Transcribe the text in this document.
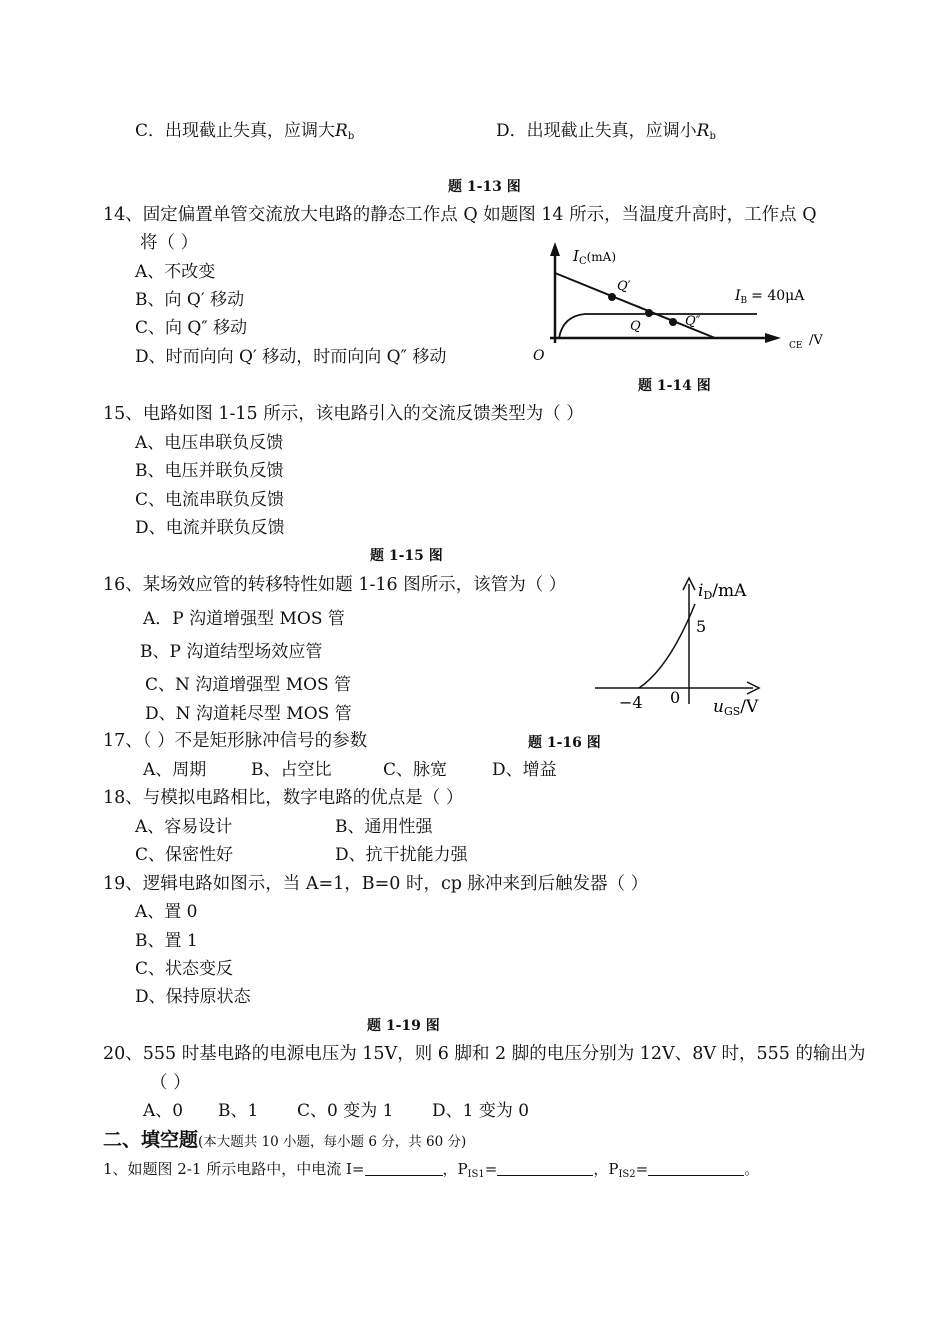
C．出现截止失真，应调大$R_b$	D．出现截止失真，应调小$R_b$
题 1-13 图
14、固定偏置单管交流放大电路的静态工作点 Q 如题图 14 所示，当温度升高时，工作点 Q
将（ ）
A、不改变
B、向 Q′ 移动
C、向 Q″ 移动
D、时而向向 Q′ 移动，时而向向 Q″ 移动
$I_C^{(mA)}$
Q′
Q	Q″
$I_B = 40\mu A$
CE /V
O
题 1-14 图
15、电路如图 1-15 所示，该电路引入的交流反馈类型为（ ）
A、电压串联负反馈
B、电压并联负反馈
C、电流串联负反馈
D、电流并联负反馈
题 1-15 图
16、某场效应管的转移特性如题 1-16 图所示，该管为（ ）
A．P 沟道增强型 MOS 管
B、P 沟道结型场效应管
C、N 沟道增强型 MOS 管
D、N 沟道耗尽型 MOS 管
iD/mA
5
−4 0 uGS/V
17、（ ）不是矩形脉冲信号的参数	题 1-16 图
A、周期	B、占空比	C、脉宽	D、增益
18、与模拟电路相比，数字电路的优点是（ ）
A、容易设计	B、通用性强
C、保密性好	D、抗干扰能力强
19、逻辑电路如图示，当 A=1，B=0 时，cp 脉冲来到后触发器（ ）
A、置 0
B、置 1
C、状态变反
D、保持原状态
题 1-19 图
20、555 时基电路的电源电压为 15V，则 6 脚和 2 脚的电压分别为 12V、8V 时，555 的输出为
（ ）
A、0 B、1 C、0 变为 1 D、1 变为 0
二、填空题(本大题共 10 小题，每小题 6 分，共 60 分)
1、如题图 2-1 所示电路中，中电流 I=	，$P_{IS1}=$	，$P_{IS2}=$	。
